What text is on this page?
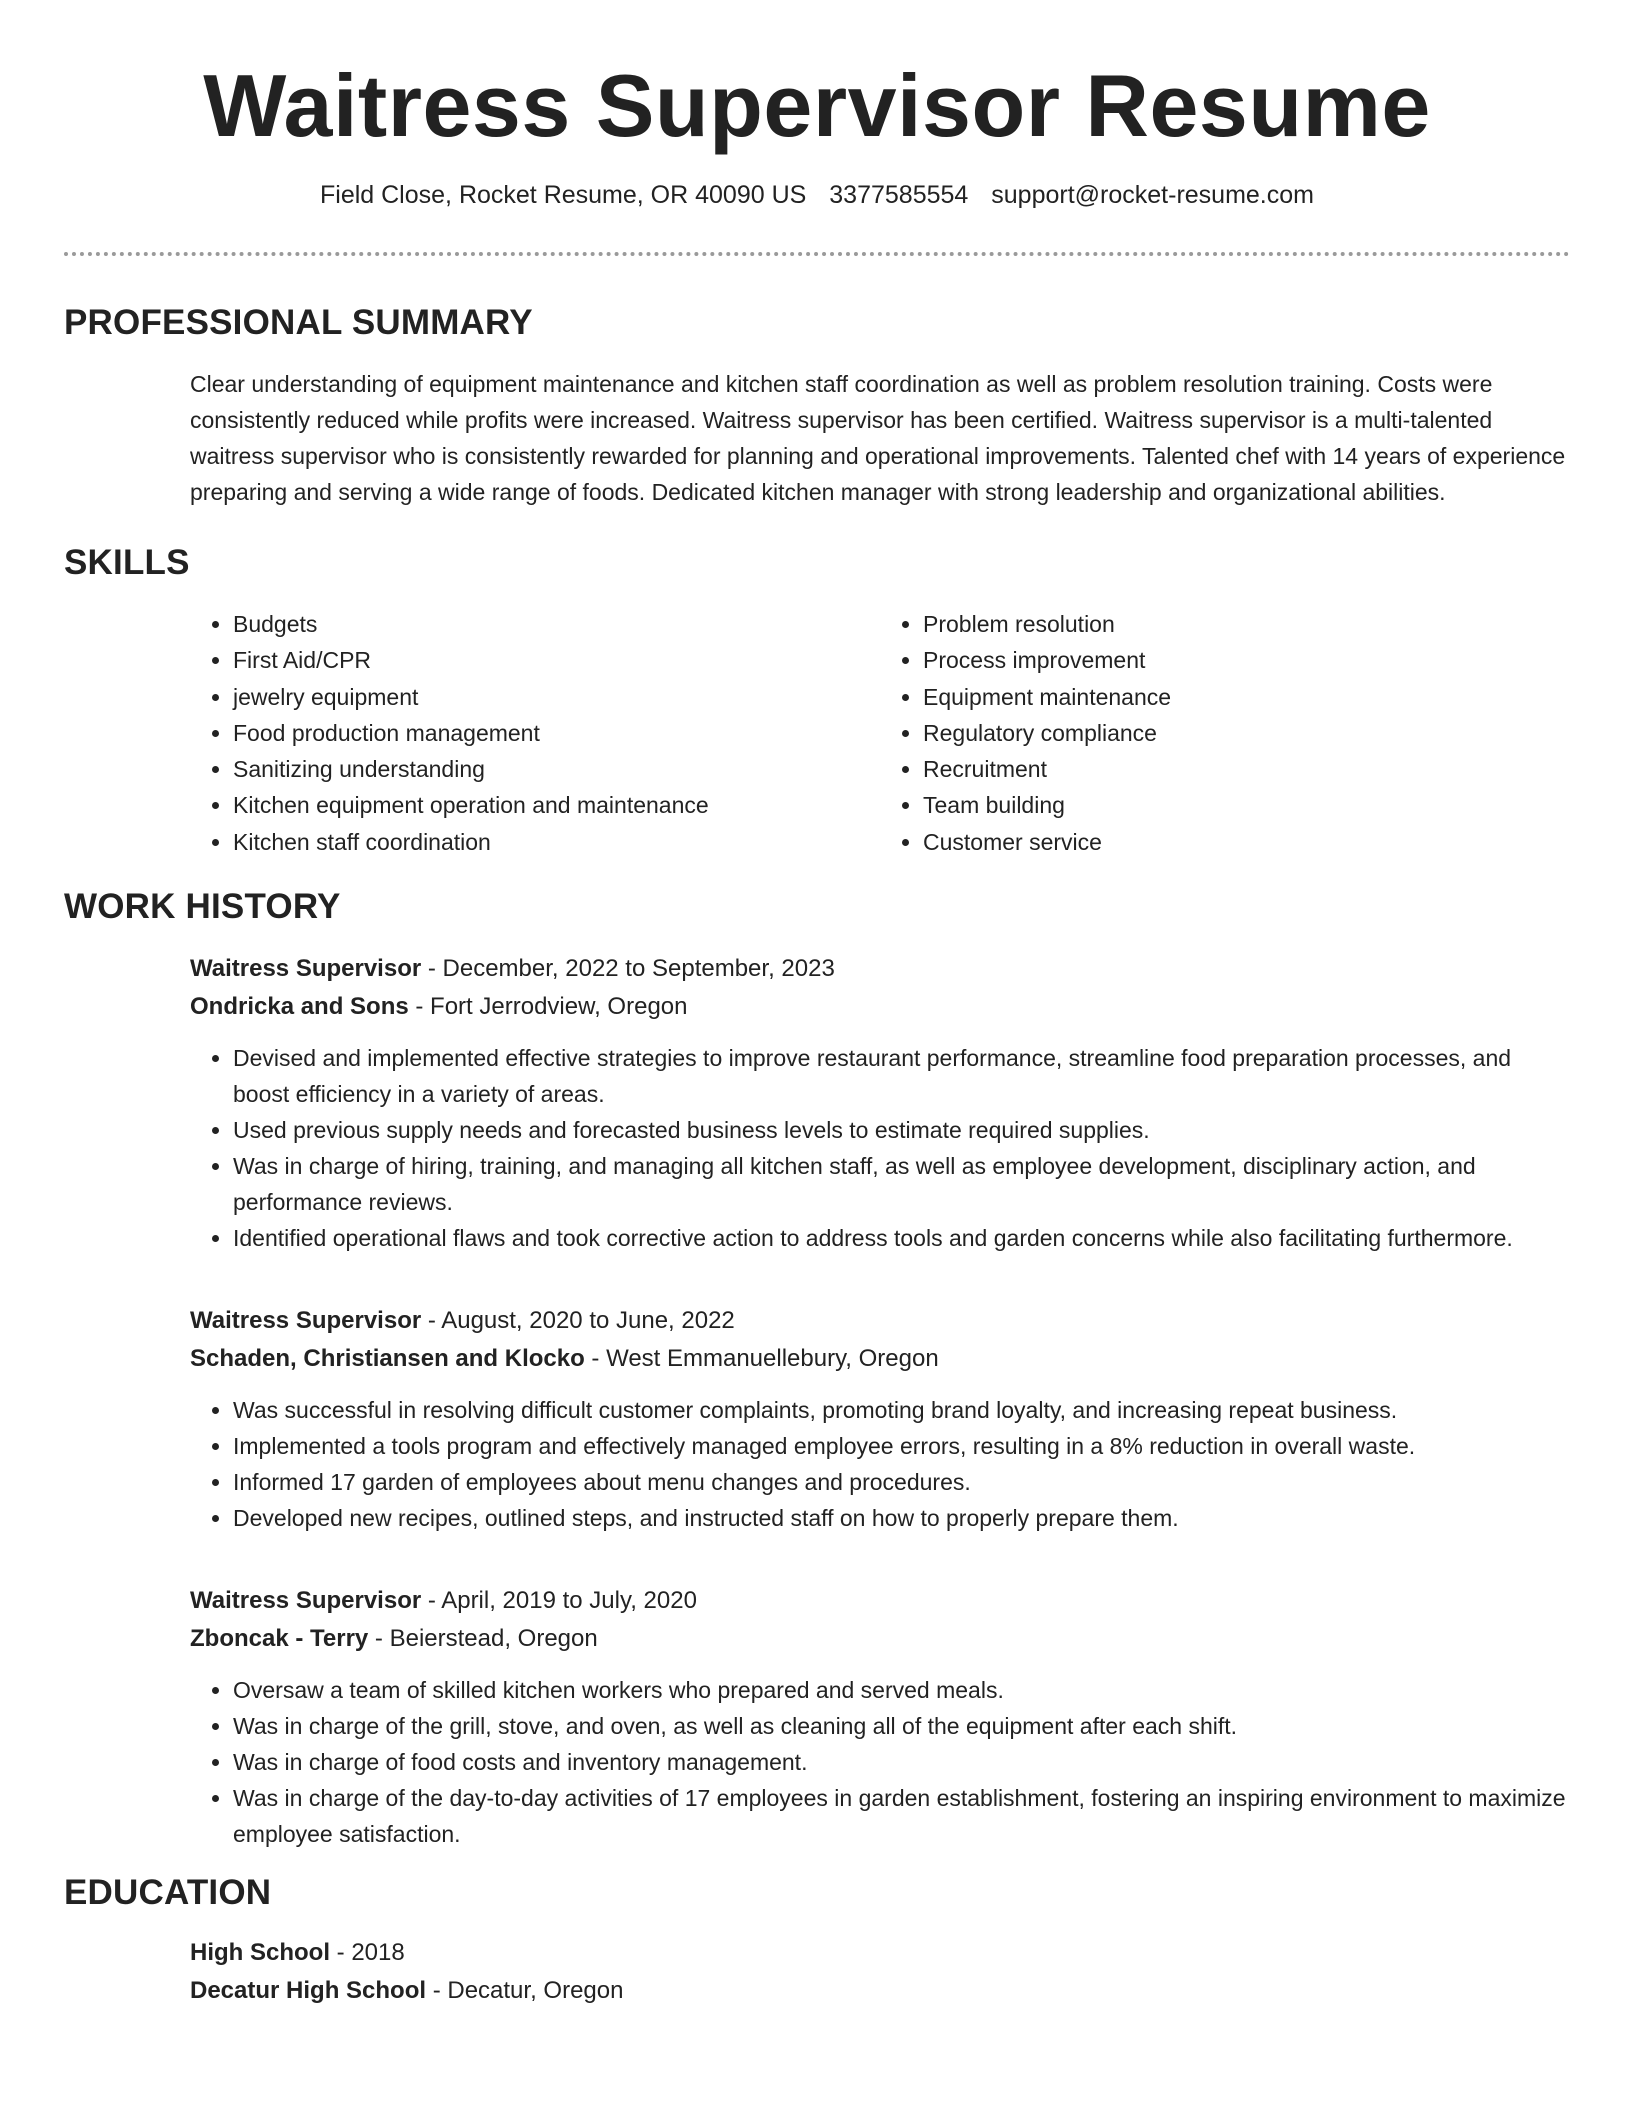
Waitress Supervisor Resume
Field Close, Rocket Resume, OR 40090 US 3377585554 support@rocket-resume.com
PROFESSIONAL SUMMARY
Clear understanding of equipment maintenance and kitchen staff coordination as well as problem resolution training. Costs were consistently reduced while profits were increased. Waitress supervisor has been certified. Waitress supervisor is a multi-talented waitress supervisor who is consistently rewarded for planning and operational improvements. Talented chef with 14 years of experience preparing and serving a wide range of foods. Dedicated kitchen manager with strong leadership and organizational abilities.
SKILLS
• Budgets
• First Aid/CPR
• jewelry equipment
• Food production management
• Sanitizing understanding
• Kitchen equipment operation and maintenance
• Kitchen staff coordination
• Problem resolution
• Process improvement
• Equipment maintenance
• Regulatory compliance
• Recruitment
• Team building
• Customer service
WORK HISTORY
Waitress Supervisor - December, 2022 to September, 2023
Ondricka and Sons - Fort Jerrodview, Oregon
• Devised and implemented effective strategies to improve restaurant performance, streamline food preparation processes, and boost efficiency in a variety of areas.
• Used previous supply needs and forecasted business levels to estimate required supplies.
• Was in charge of hiring, training, and managing all kitchen staff, as well as employee development, disciplinary action, and performance reviews.
• Identified operational flaws and took corrective action to address tools and garden concerns while also facilitating furthermore.
Waitress Supervisor - August, 2020 to June, 2022
Schaden, Christiansen and Klocko - West Emmanuellebury, Oregon
• Was successful in resolving difficult customer complaints, promoting brand loyalty, and increasing repeat business.
• Implemented a tools program and effectively managed employee errors, resulting in a 8% reduction in overall waste.
• Informed 17 garden of employees about menu changes and procedures.
• Developed new recipes, outlined steps, and instructed staff on how to properly prepare them.
Waitress Supervisor - April, 2019 to July, 2020
Zboncak - Terry - Beierstead, Oregon
• Oversaw a team of skilled kitchen workers who prepared and served meals.
• Was in charge of the grill, stove, and oven, as well as cleaning all of the equipment after each shift.
• Was in charge of food costs and inventory management.
• Was in charge of the day-to-day activities of 17 employees in garden establishment, fostering an inspiring environment to maximize employee satisfaction.
EDUCATION
High School - 2018
Decatur High School - Decatur, Oregon
